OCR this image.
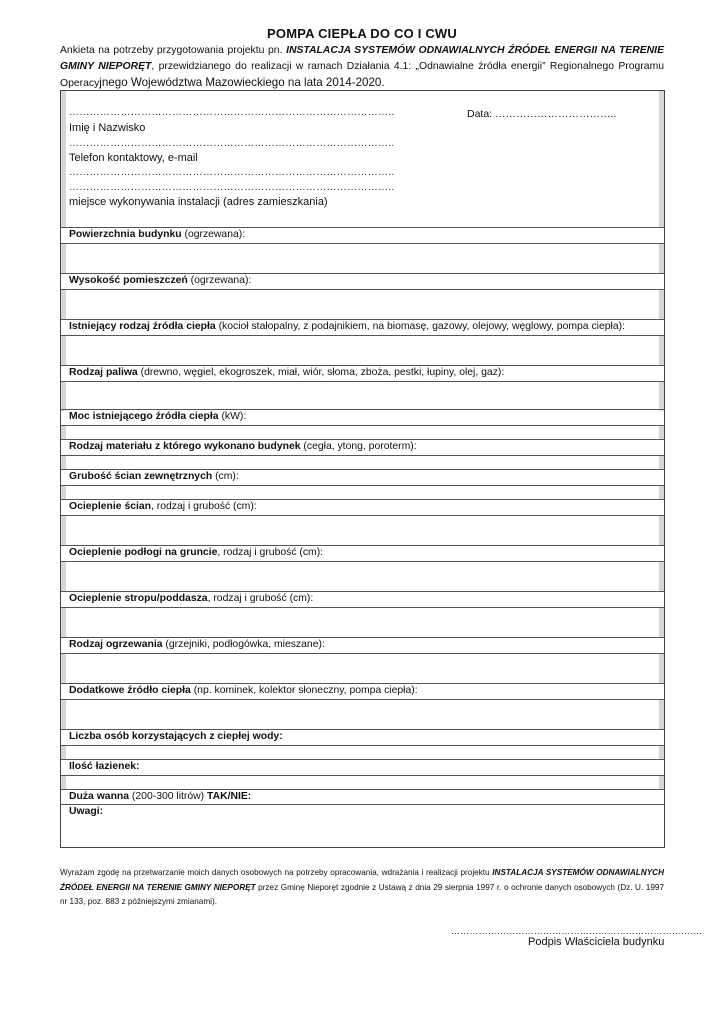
POMPA CIEPŁA DO CO I CWU
Ankieta na potrzeby przygotowania projektu pn. INSTALACJA SYSTEMÓW ODNAWIALNYCH ŹRÓDEŁ ENERGII NA TERENIE GMINY NIEPORĘT, przewidzianego do realizacji w ramach Działania 4.1: „Odnawialne źródła energii” Regionalnego Programu Operacyjnego Województwa Mazowieckiego na lata 2014-2020.
…………………………………………………………………………………..
Imię i Nazwisko
…………………………………………………………………………………..
Telefon kontaktowy, e-mail
…………………………………………………………………………………..
…………………………………………………………………………………..
miejsce wykonywania instalacji (adres zamieszkania)
Data: ……………………………..
Powierzchnia budynku (ogrzewana):
Wysokość pomieszczeń (ogrzewana):
Istniejący rodzaj źródła ciepła (kocioł stałopalny, z podajnikiem, na biomasę, gazowy, olejowy, węglowy, pompa ciepła):
Rodzaj paliwa (drewno, węgiel, ekogroszek, miał, wiór, słoma, zboża, pestki, łupiny, olej, gaz):
Moc istniejącego źródła ciepła (kW):
Rodzaj materiału z którego wykonano budynek (cegła, ytong, poroterm):
Grubość ścian zewnętrznych (cm):
Ocieplenie ścian, rodzaj i grubość (cm):
Ocieplenie podłogi na gruncie, rodzaj i grubość (cm):
Ocieplenie stropu/poddasza, rodzaj i grubość (cm):
Rodzaj ogrzewania (grzejniki, podłogówka, mieszane):
Dodatkowe źródło ciepła (np. kominek, kolektor słoneczny, pompa ciepła):
Liczba osób korzystających z ciepłej wody:
Ilość łazienek:
Duża wanna (200-300 litrów) TAK/NIE:
Uwagi:
Wyrażam zgodę na przetwarzanie moich danych osobowych na potrzeby opracowania, wdrażania i realizacji projektu INSTALACJA SYSTEMÓW ODNAWIALNYCH ŹRÓDEŁ ENERGII NA TERENIE GMINY NIEPORĘT przez Gminę Nieporęt zgodnie z Ustawą z dnia 29 sierpnia 1997 r. o ochronie danych osobowych (Dz. U. 1997 nr 133, poz. 883 z późniejszymi zmianami).
……………………………………………………………………….
Podpis Właściciela budynku
